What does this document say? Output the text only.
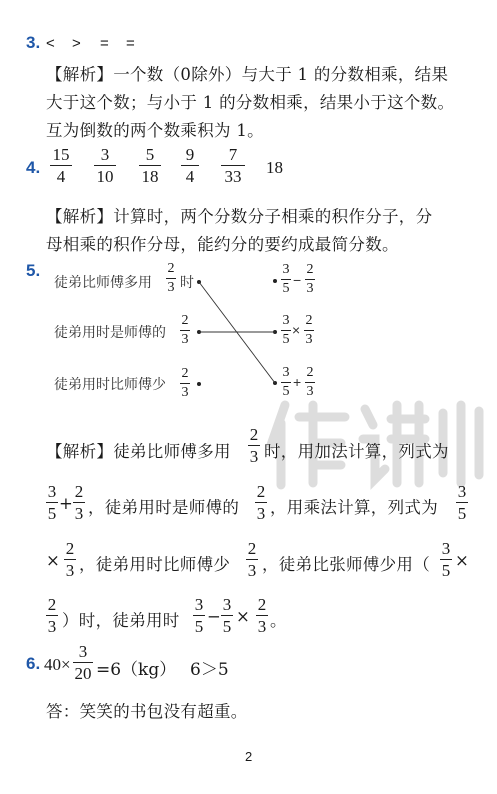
3. < > = =
【解析】一个数（0除外）与大于 1 的分数相乘，结果
大于这个数；与小于 1 的分数相乘，结果小于这个数。
互为倒数的两个数乘积为 1。
4.
15
4
3
10
5
18
9
4
7
33 18
【解析】计算时，两个分数分子相乘的积作分子，分
母相乘的积作分母，能约分的要约成最简分数。
5.
徒弟比师傅多用
2
3 时
徒弟用时是师傅的
2
3
徒弟用时比师傅少
2
3
3
5
−
2
3
3
5
×
2
3
3
5
+
2
3
【解析】徒弟比师傅多用
2
3 时，用加法计算，列式为
3
5
+
2
3 ，徒弟用时是师傅的
2
3 ，用乘法计算，列式为
3
5
×
2
3 ，徒弟用时比师傅少
2
3 ，徒弟比张师傅少用（
3
5
×
2
3 ）时，徒弟用时
3
5
−
3
5
×
2
3 。
6. 40×
3
20 =6（kg） 6＞5
答：笑笑的书包没有超重。
2
